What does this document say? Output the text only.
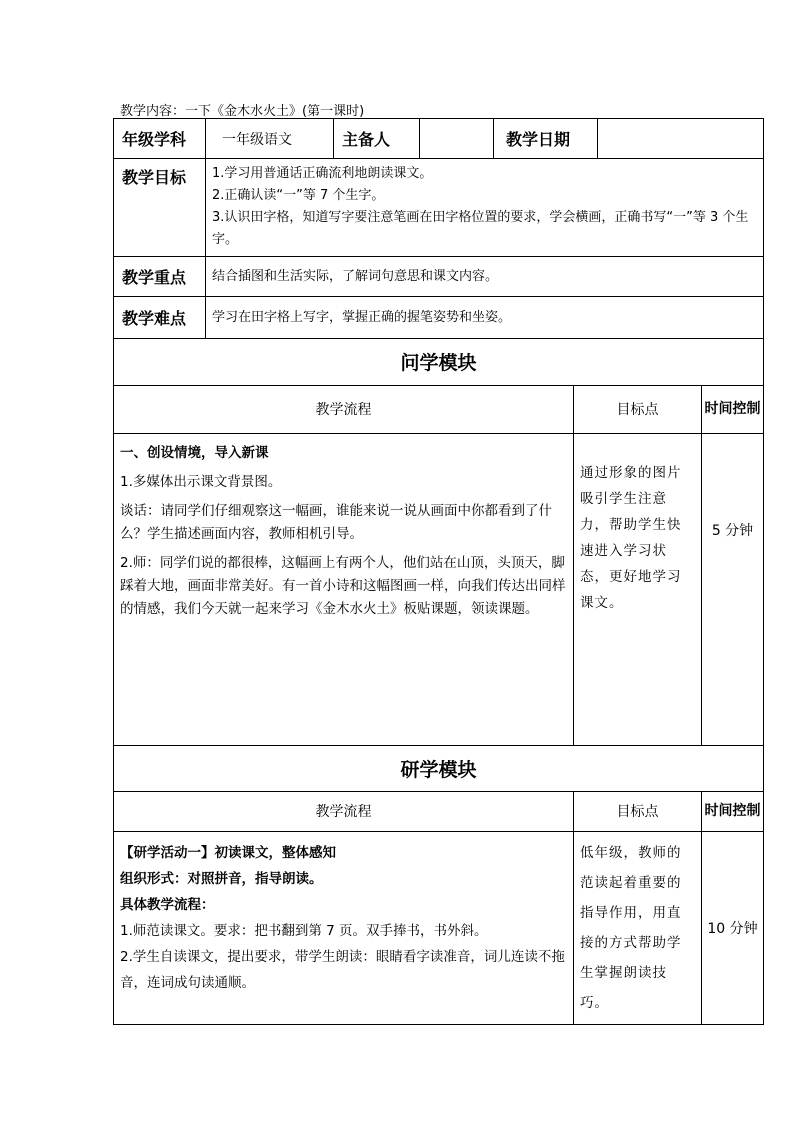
教学内容：一下《金木水火土》(第一课时)
年级学科	一年级语文	主备人		教学日期	
教学目标	1.学习用普通话正确流利地朗读课文。
2.正确认读“一”等 7 个生字。
3.认识田字格，知道写字要注意笔画在田字格位置的要求，学会横画，正确书写“一”等 3 个生字。				

教学重点	结合插图和生活实际，了解词句意思和课文内容。				
教学难点	学习在田字格上写字，掌握正确的握笔姿势和坐姿。				
问学模块		
教学流程	目标点	时间控制

一、创设情境，导入新课

1.多媒体出示课文背景图。

谈话：请同学们仔细观察这一幅画，谁能来说一说从画面中你都看到了什么？学生描述画面内容，教师相机引导。

2.师：同学们说的都很棒，这幅画上有两个人，他们站在山顶，头顶天，脚踩着大地，画面非常美好。有一首小诗和这幅图画一样，向我们传达出同样的情感，我们今天就一起来学习《金木水火土》板贴课题，领读课题。	通过形象的图片吸引学生注意力，帮助学生快速进入学习状态，更好地学习课文。	5 分钟
研学模块		
教学流程	目标点	时间控制

【研学活动一】初读课文，整体感知

组织形式：对照拼音，指导朗读。

具体教学流程：

1.师范读课文。要求：把书翻到第 7 页。双手捧书，书外斜。

2.学生自读课文，提出要求，带学生朗读：眼睛看字读准音，词儿连读不拖音，连词成句读通顺。	低年级，教师的范读起着重要的指导作用，用直接的方式帮助学生掌握朗读技巧。	10 分钟
